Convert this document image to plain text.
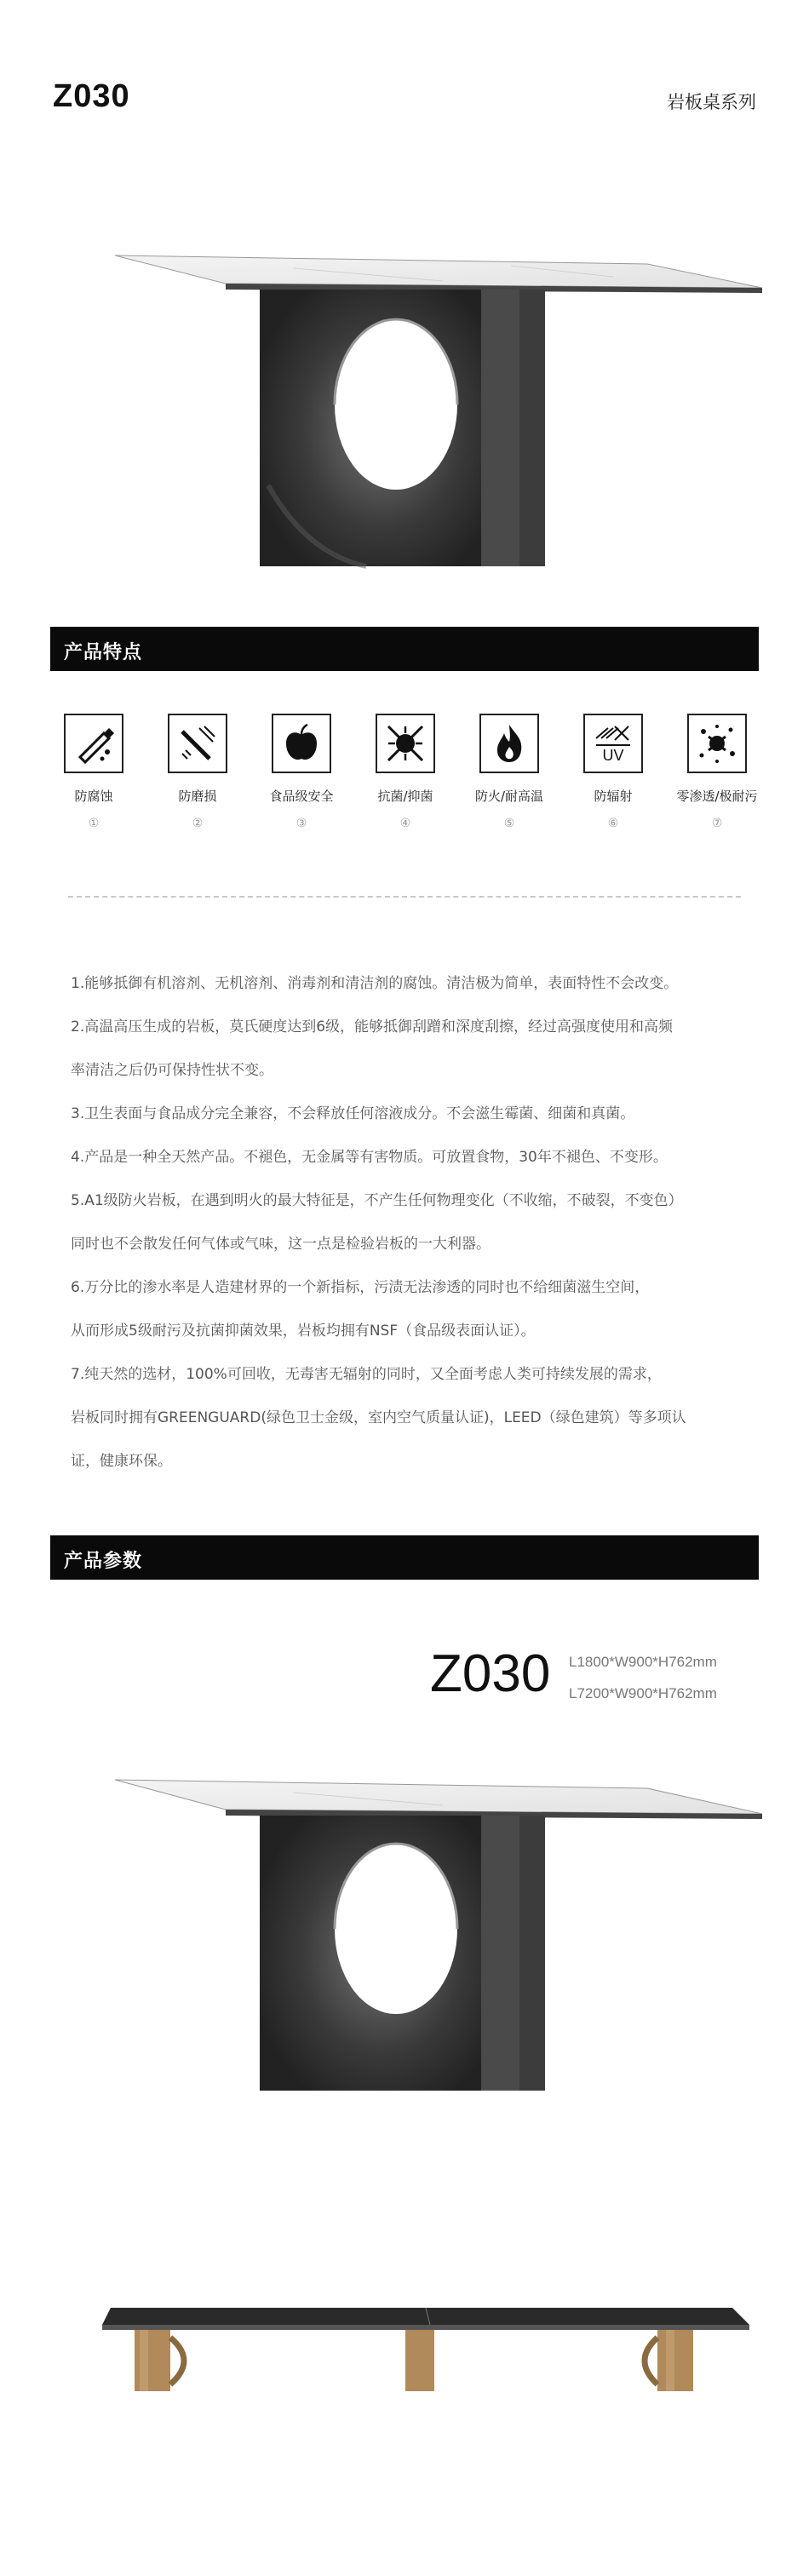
Z030	岩板桌系列
产品特点
防腐蚀
①
防磨损
②
食品级安全
③
抗菌/抑菌
④
防火/耐高温
⑤
UV
防辐射
⑥
零渗透/极耐污
⑦

1.能够抵御有机溶剂、无机溶剂、消毒剂和清洁剂的腐蚀。清洁极为简单，表面特性不会改变。

2.高温高压生成的岩板，莫氏硬度达到6级，能够抵御刮蹭和深度刮擦，经过高强度使用和高频

率清洁之后仍可保持性状不变。

3.卫生表面与食品成分完全兼容，不会释放任何溶液成分。不会滋生霉菌、细菌和真菌。

4.产品是一种全天然产品。不褪色，无金属等有害物质。可放置食物，30年不褪色、不变形。

5.A1级防火岩板，在遇到明火的最大特征是，不产生任何物理变化（不收缩，不破裂，不变色）

同时也不会散发任何气体或气味，这一点是检验岩板的一大利器。

6.万分比的渗水率是人造建材界的一个新指标，污渍无法渗透的同时也不给细菌滋生空间，

从而形成5级耐污及抗菌抑菌效果，岩板均拥有NSF（食品级表面认证）。

7.纯天然的选材，100%可回收，无毒害无辐射的同时，又全面考虑人类可持续发展的需求，

岩板同时拥有GREENGUARD(绿色卫士金级，室内空气质量认证)，LEED（绿色建筑）等多项认

证，健康环保。

产品参数
Z030 L1800*W900*H762mm
L7200*W900*H762mm
